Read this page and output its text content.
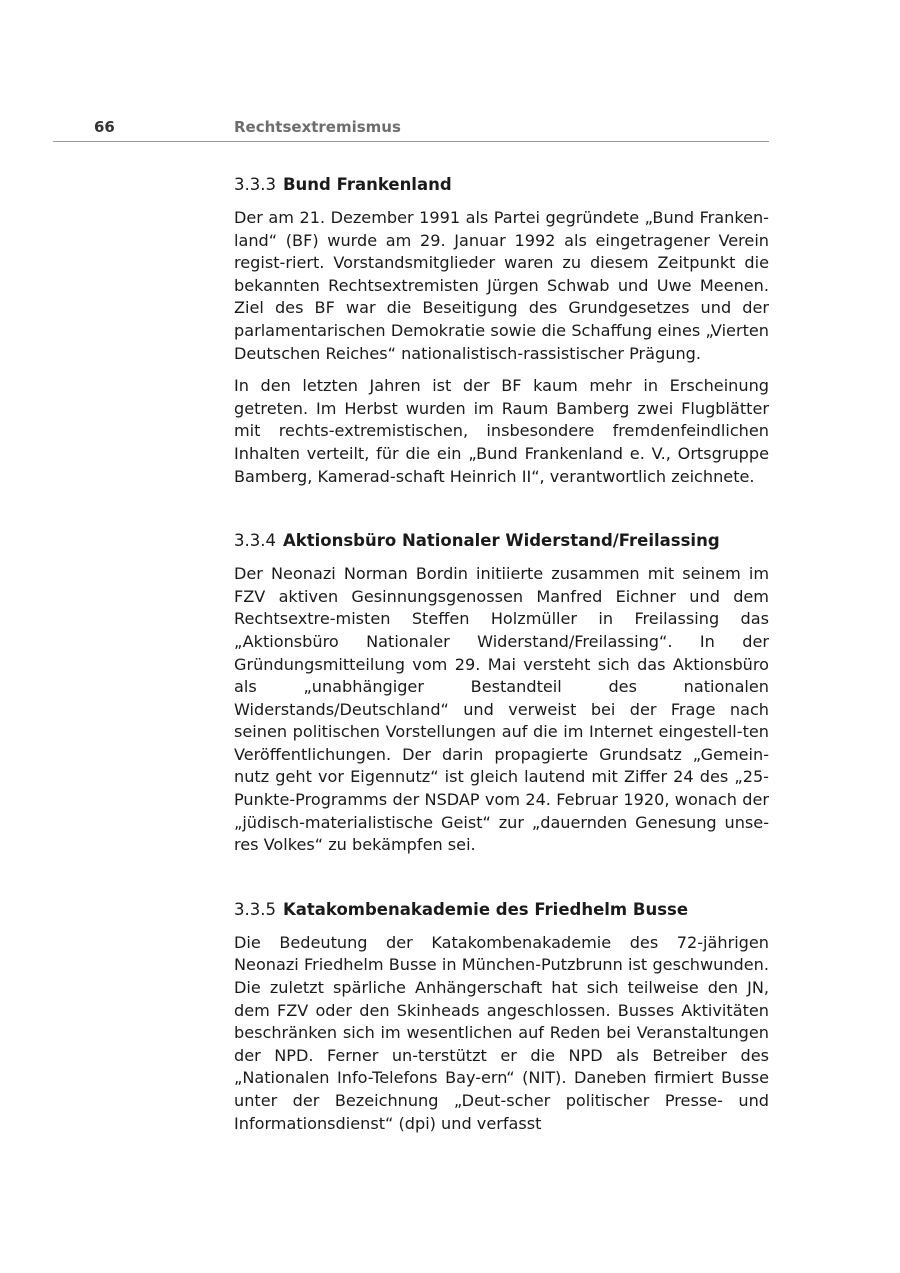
66	Rechtsextremismus
3.3.3 Bund Frankenland

Der am 21. Dezember 1991 als Partei gegründete „Bund Franken-land“ (BF) wurde am 29. Januar 1992 als eingetragener Verein regist-riert. Vorstandsmitglieder waren zu diesem Zeitpunkt die bekannten Rechtsextremisten Jürgen Schwab und Uwe Meenen. Ziel des BF war die Beseitigung des Grundgesetzes und der parlamentarischen Demokratie sowie die Schaffung eines „Vierten Deutschen Reiches“ nationalistisch-rassistischer Prägung.

In den letzten Jahren ist der BF kaum mehr in Erscheinung getreten. Im Herbst wurden im Raum Bamberg zwei Flugblätter mit rechts-extremistischen, insbesondere fremdenfeindlichen Inhalten verteilt, für die ein „Bund Frankenland e. V., Ortsgruppe Bamberg, Kamerad-schaft Heinrich II“, verantwortlich zeichnete.

3.3.4 Aktionsbüro Nationaler Widerstand/Freilassing

Der Neonazi Norman Bordin initiierte zusammen mit seinem im FZV aktiven Gesinnungsgenossen Manfred Eichner und dem Rechtsextre-misten Steffen Holzmüller in Freilassing das „Aktionsbüro Nationaler Widerstand/Freilassing“. In der Gründungsmitteilung vom 29. Mai versteht sich das Aktionsbüro als „unabhängiger Bestandteil des nationalen Widerstands/Deutschland“ und verweist bei der Frage nach seinen politischen Vorstellungen auf die im Internet eingestell-ten Veröffentlichungen. Der darin propagierte Grundsatz „Gemein-nutz geht vor Eigennutz“ ist gleich lautend mit Ziffer 24 des „25-Punkte-Programms der NSDAP vom 24. Februar 1920, wonach der „jüdisch-materialistische Geist“ zur „dauernden Genesung unse-res Volkes“ zu bekämpfen sei.

3.3.5 Katakombenakademie des Friedhelm Busse

Die Bedeutung der Katakombenakademie des 72-jährigen Neonazi Friedhelm Busse in München-Putzbrunn ist geschwunden. Die zuletzt spärliche Anhängerschaft hat sich teilweise den JN, dem FZV oder den Skinheads angeschlossen. Busses Aktivitäten beschränken sich im wesentlichen auf Reden bei Veranstaltungen der NPD. Ferner un-terstützt er die NPD als Betreiber des „Nationalen Info-Telefons Bay-ern“ (NIT). Daneben firmiert Busse unter der Bezeichnung „Deut-scher politischer Presse- und Informationsdienst“ (dpi) und verfasst
